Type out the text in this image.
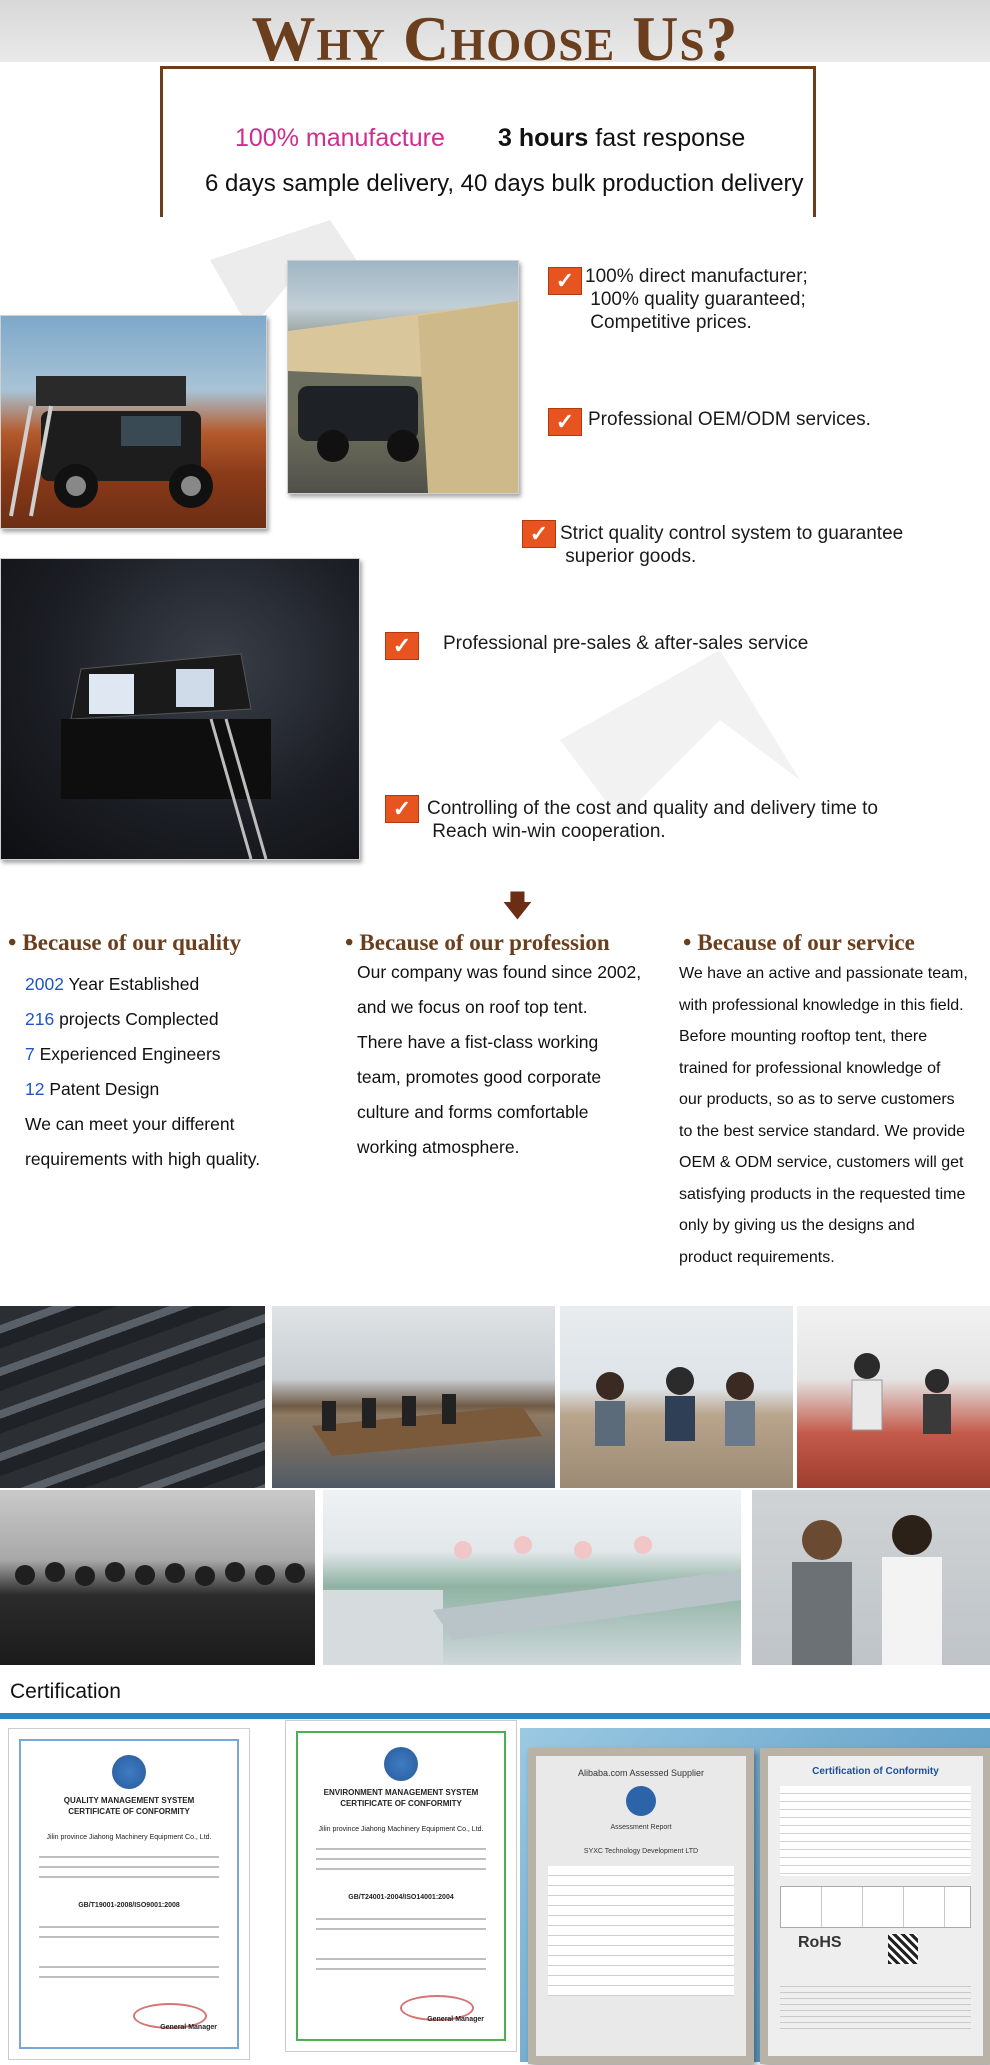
Why Choose Us?
100% manufacture 3 hours fast response
6 days sample delivery, 40 days bulk production delivery
✓ 100% direct manufacturer;
100% quality guaranteed;
Competitive prices.
✓ Professional OEM/ODM services.
✓ Strict quality control system to guarantee
superior goods.
✓	Professional pre-sales & after-sales service
✓ Controlling of the cost and quality and delivery time to
Reach win-win cooperation.
🡇
• Because of our quality
2002 Year Established
216 projects Complected
7 Experienced Engineers
12 Patent Design
We can meet your different
requirements with high quality.
• Because of our profession
Our company was found since 2002,
and we focus on roof top tent.
There have a fist-class working
team, promotes good corporate
culture and forms comfortable
working atmosphere.
• Because of our service
We have an active and passionate team,
with professional knowledge in this field.
Before mounting rooftop tent, there
trained for professional knowledge of
our products, so as to serve customers
to the best service standard. We provide
OEM & ODM service, customers will get
satisfying products in the requested time
only by giving us the designs and
product requirements.
Certification
QUALITY MANAGEMENT SYSTEM
CERTIFICATE OF CONFORMITY
Jilin province Jiahong Machinery Equipment Co., Ltd.
GB/T19001-2008/ISO9001:2008
General Manager
ENVIRONMENT MANAGEMENT SYSTEM
CERTIFICATE OF CONFORMITY
Jilin province Jiahong Machinery Equipment Co., Ltd.
GB/T24001-2004/ISO14001:2004
General Manager
Alibaba.com Assessed Supplier
Assessment Report
SYXC Technology Development LTD
Certification of Conformity
RoHS
